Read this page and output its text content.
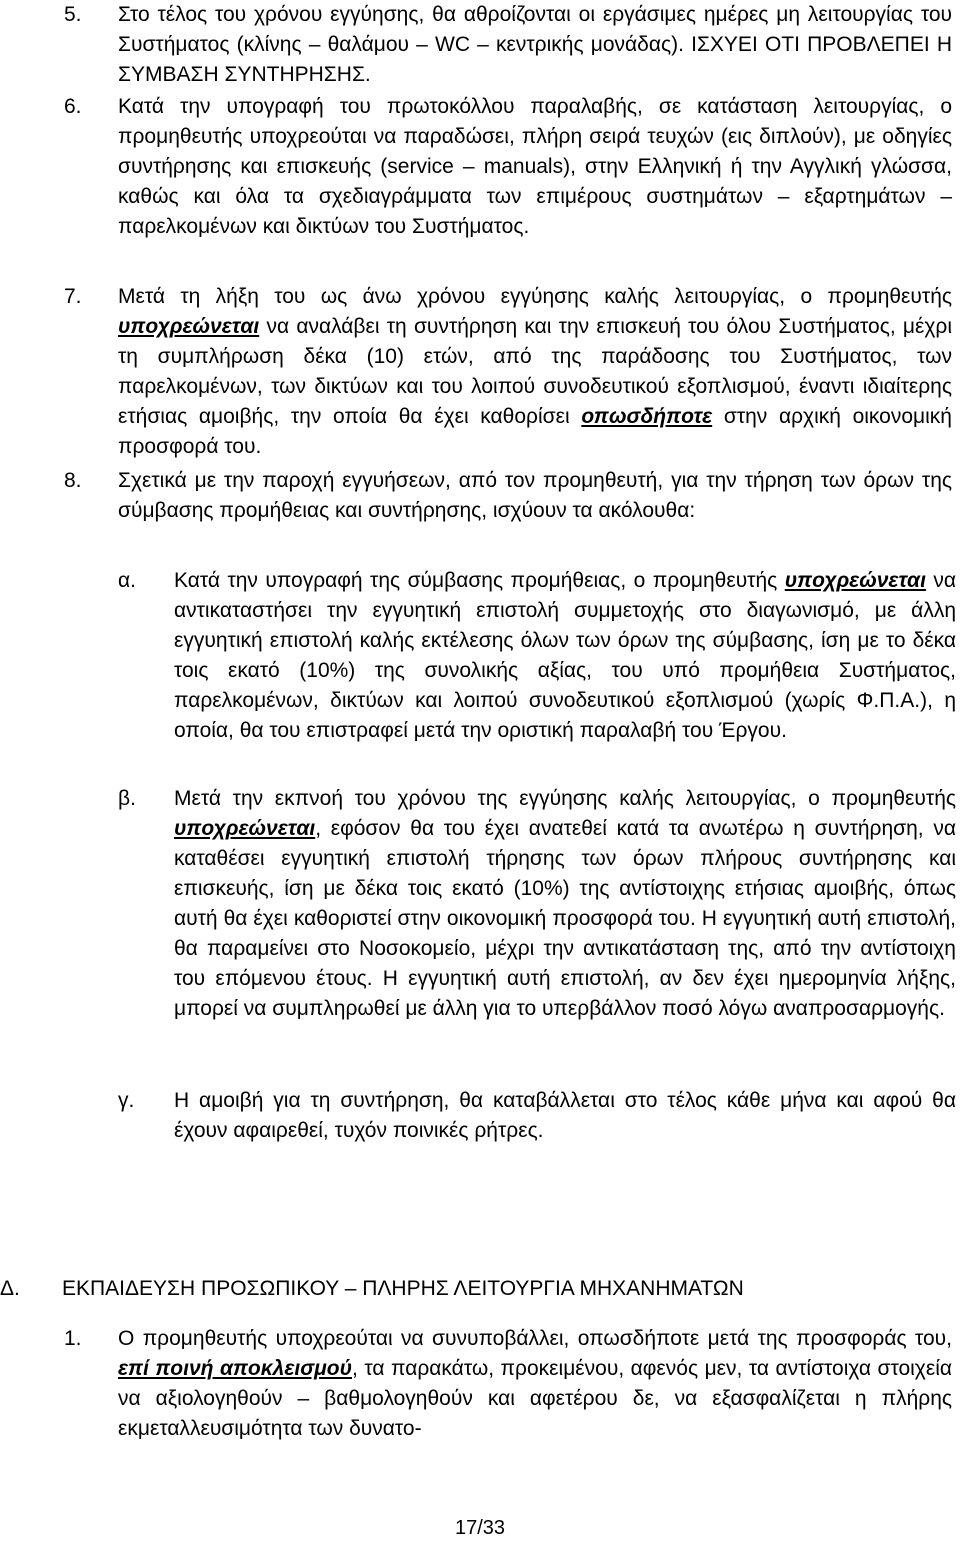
5. Στο τέλος του χρόνου εγγύησης, θα αθροίζονται οι εργάσιμες ημέρες μη λειτουργίας του Συστήματος (κλίνης – θαλάμου – WC – κεντρικής μονάδας). ΙΣΧΥΕΙ ΟΤΙ ΠΡΟΒΛΕΠΕΙ Η ΣΥΜΒΑΣΗ ΣΥΝΤΗΡΗΣΗΣ.
6. Κατά την υπογραφή του πρωτοκόλλου παραλαβής, σε κατάσταση λειτουργίας, ο προμηθευτής υποχρεούται να παραδώσει, πλήρη σειρά τευχών (εις διπλούν), με οδηγίες συντήρησης και επισκευής (service – manuals), στην Ελληνική ή την Αγγλική γλώσσα, καθώς και όλα τα σχεδιαγράμματα των επιμέρους συστημάτων – εξαρτημάτων – παρελκομένων και δικτύων του Συστήματος.
7. Μετά τη λήξη του ως άνω χρόνου εγγύησης καλής λειτουργίας, ο προμηθευτής υποχρεώνεται να αναλάβει τη συντήρηση και την επισκευή του όλου Συστήματος, μέχρι τη συμπλήρωση δέκα (10) ετών, από της παράδοσης του Συστήματος, των παρελκομένων, των δικτύων και του λοιπού συνοδευτικού εξοπλισμού, έναντι ιδιαίτερης ετήσιας αμοιβής, την οποία θα έχει καθορίσει οπωσδήποτε στην αρχική οικονομική προσφορά του.
8. Σχετικά με την παροχή εγγυήσεων, από τον προμηθευτή, για την τήρηση των όρων της σύμβασης προμήθειας και συντήρησης, ισχύουν τα ακόλουθα:
α. Κατά την υπογραφή της σύμβασης προμήθειας, ο προμηθευτής υποχρεώνεται να αντικαταστήσει την εγγυητική επιστολή συμμετοχής στο διαγωνισμό, με άλλη εγγυητική επιστολή καλής εκτέλεσης όλων των όρων της σύμβασης, ίση με το δέκα τοις εκατό (10%) της συνολικής αξίας, του υπό προμήθεια Συστήματος, παρελκομένων, δικτύων και λοιπού συνοδευτικού εξοπλισμού (χωρίς Φ.Π.Α.), η οποία, θα του επιστραφεί μετά την οριστική παραλαβή του Έργου.
β. Μετά την εκπνοή του χρόνου της εγγύησης καλής λειτουργίας, ο προμηθευτής υποχρεώνεται, εφόσον θα του έχει ανατεθεί κατά τα ανωτέρω η συντήρηση, να καταθέσει εγγυητική επιστολή τήρησης των όρων πλήρους συντήρησης και επισκευής, ίση με δέκα τοις εκατό (10%) της αντίστοιχης ετήσιας αμοιβής, όπως αυτή θα έχει καθοριστεί στην οικονομική προσφορά του. Η εγγυητική αυτή επιστολή, θα παραμείνει στο Νοσοκομείο, μέχρι την αντικατάσταση της, από την αντίστοιχη του επόμενου έτους. Η εγγυητική αυτή επιστολή, αν δεν έχει ημερομηνία λήξης, μπορεί να συμπληρωθεί με άλλη για το υπερβάλλον ποσό λόγω αναπροσαρμογής.
γ. Η αμοιβή για τη συντήρηση, θα καταβάλλεται στο τέλος κάθε μήνα και αφού θα έχουν αφαιρεθεί, τυχόν ποινικές ρήτρες.
Δ. ΕΚΠΑΙΔΕΥΣΗ ΠΡΟΣΩΠΙΚΟΥ – ΠΛΗΡΗΣ ΛΕΙΤΟΥΡΓΙΑ ΜΗΧΑΝΗΜΑΤΩΝ
1. Ο προμηθευτής υποχρεούται να συνυποβάλλει, οπωσδήποτε μετά της προσφοράς του, επί ποινή αποκλεισμού, τα παρακάτω, προκειμένου, αφενός μεν, τα αντίστοιχα στοιχεία να αξιολογηθούν – βαθμολογηθούν και αφετέρου δε, να εξασφαλίζεται η πλήρης εκμεταλλευσιμότητα των δυνατο-
17/33
